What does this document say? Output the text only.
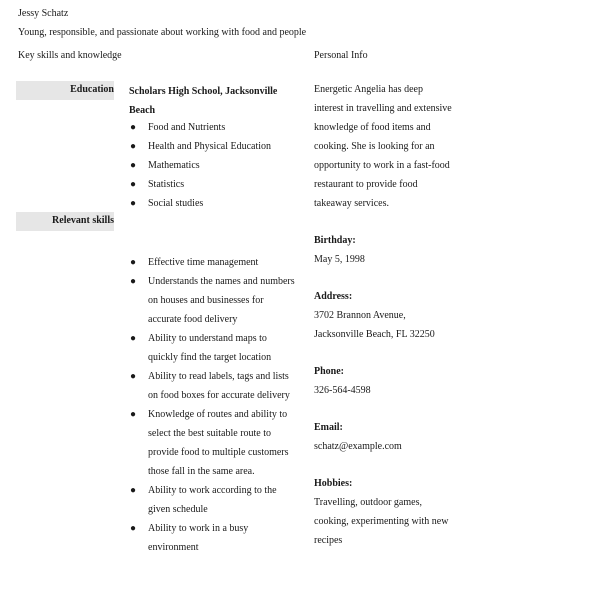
Jessy Schatz
Young, responsible, and passionate about working with food and people
Key skills and knowledge	Personal Info
Education Scholars High School, Jacksonville Beach
● Food and Nutrients
● Health and Physical Education
● Mathematics
● Statistics
● Social studies
Relevant skills
● Effective time management
● Understands the names and numbers on houses and businesses for accurate food delivery
● Ability to understand maps to quickly find the target location
● Ability to read labels, tags and lists on food boxes for accurate delivery
● Knowledge of routes and ability to select the best suitable route to provide food to multiple customers those fall in the same area.
● Ability to work according to the given schedule
● Ability to work in a busy environment
Energetic Angelia has deep interest in travelling and extensive knowledge of food items and cooking. She is looking for an opportunity to work in a fast-food restaurant to provide food takeaway services.
Birthday:
May 5, 1998
Address:
3702 Brannon Avenue, Jacksonville Beach, FL 32250
Phone:
326-564-4598
Email:
schatz@example.com
Hobbies:
Travelling, outdoor games, cooking, experimenting with new recipes
